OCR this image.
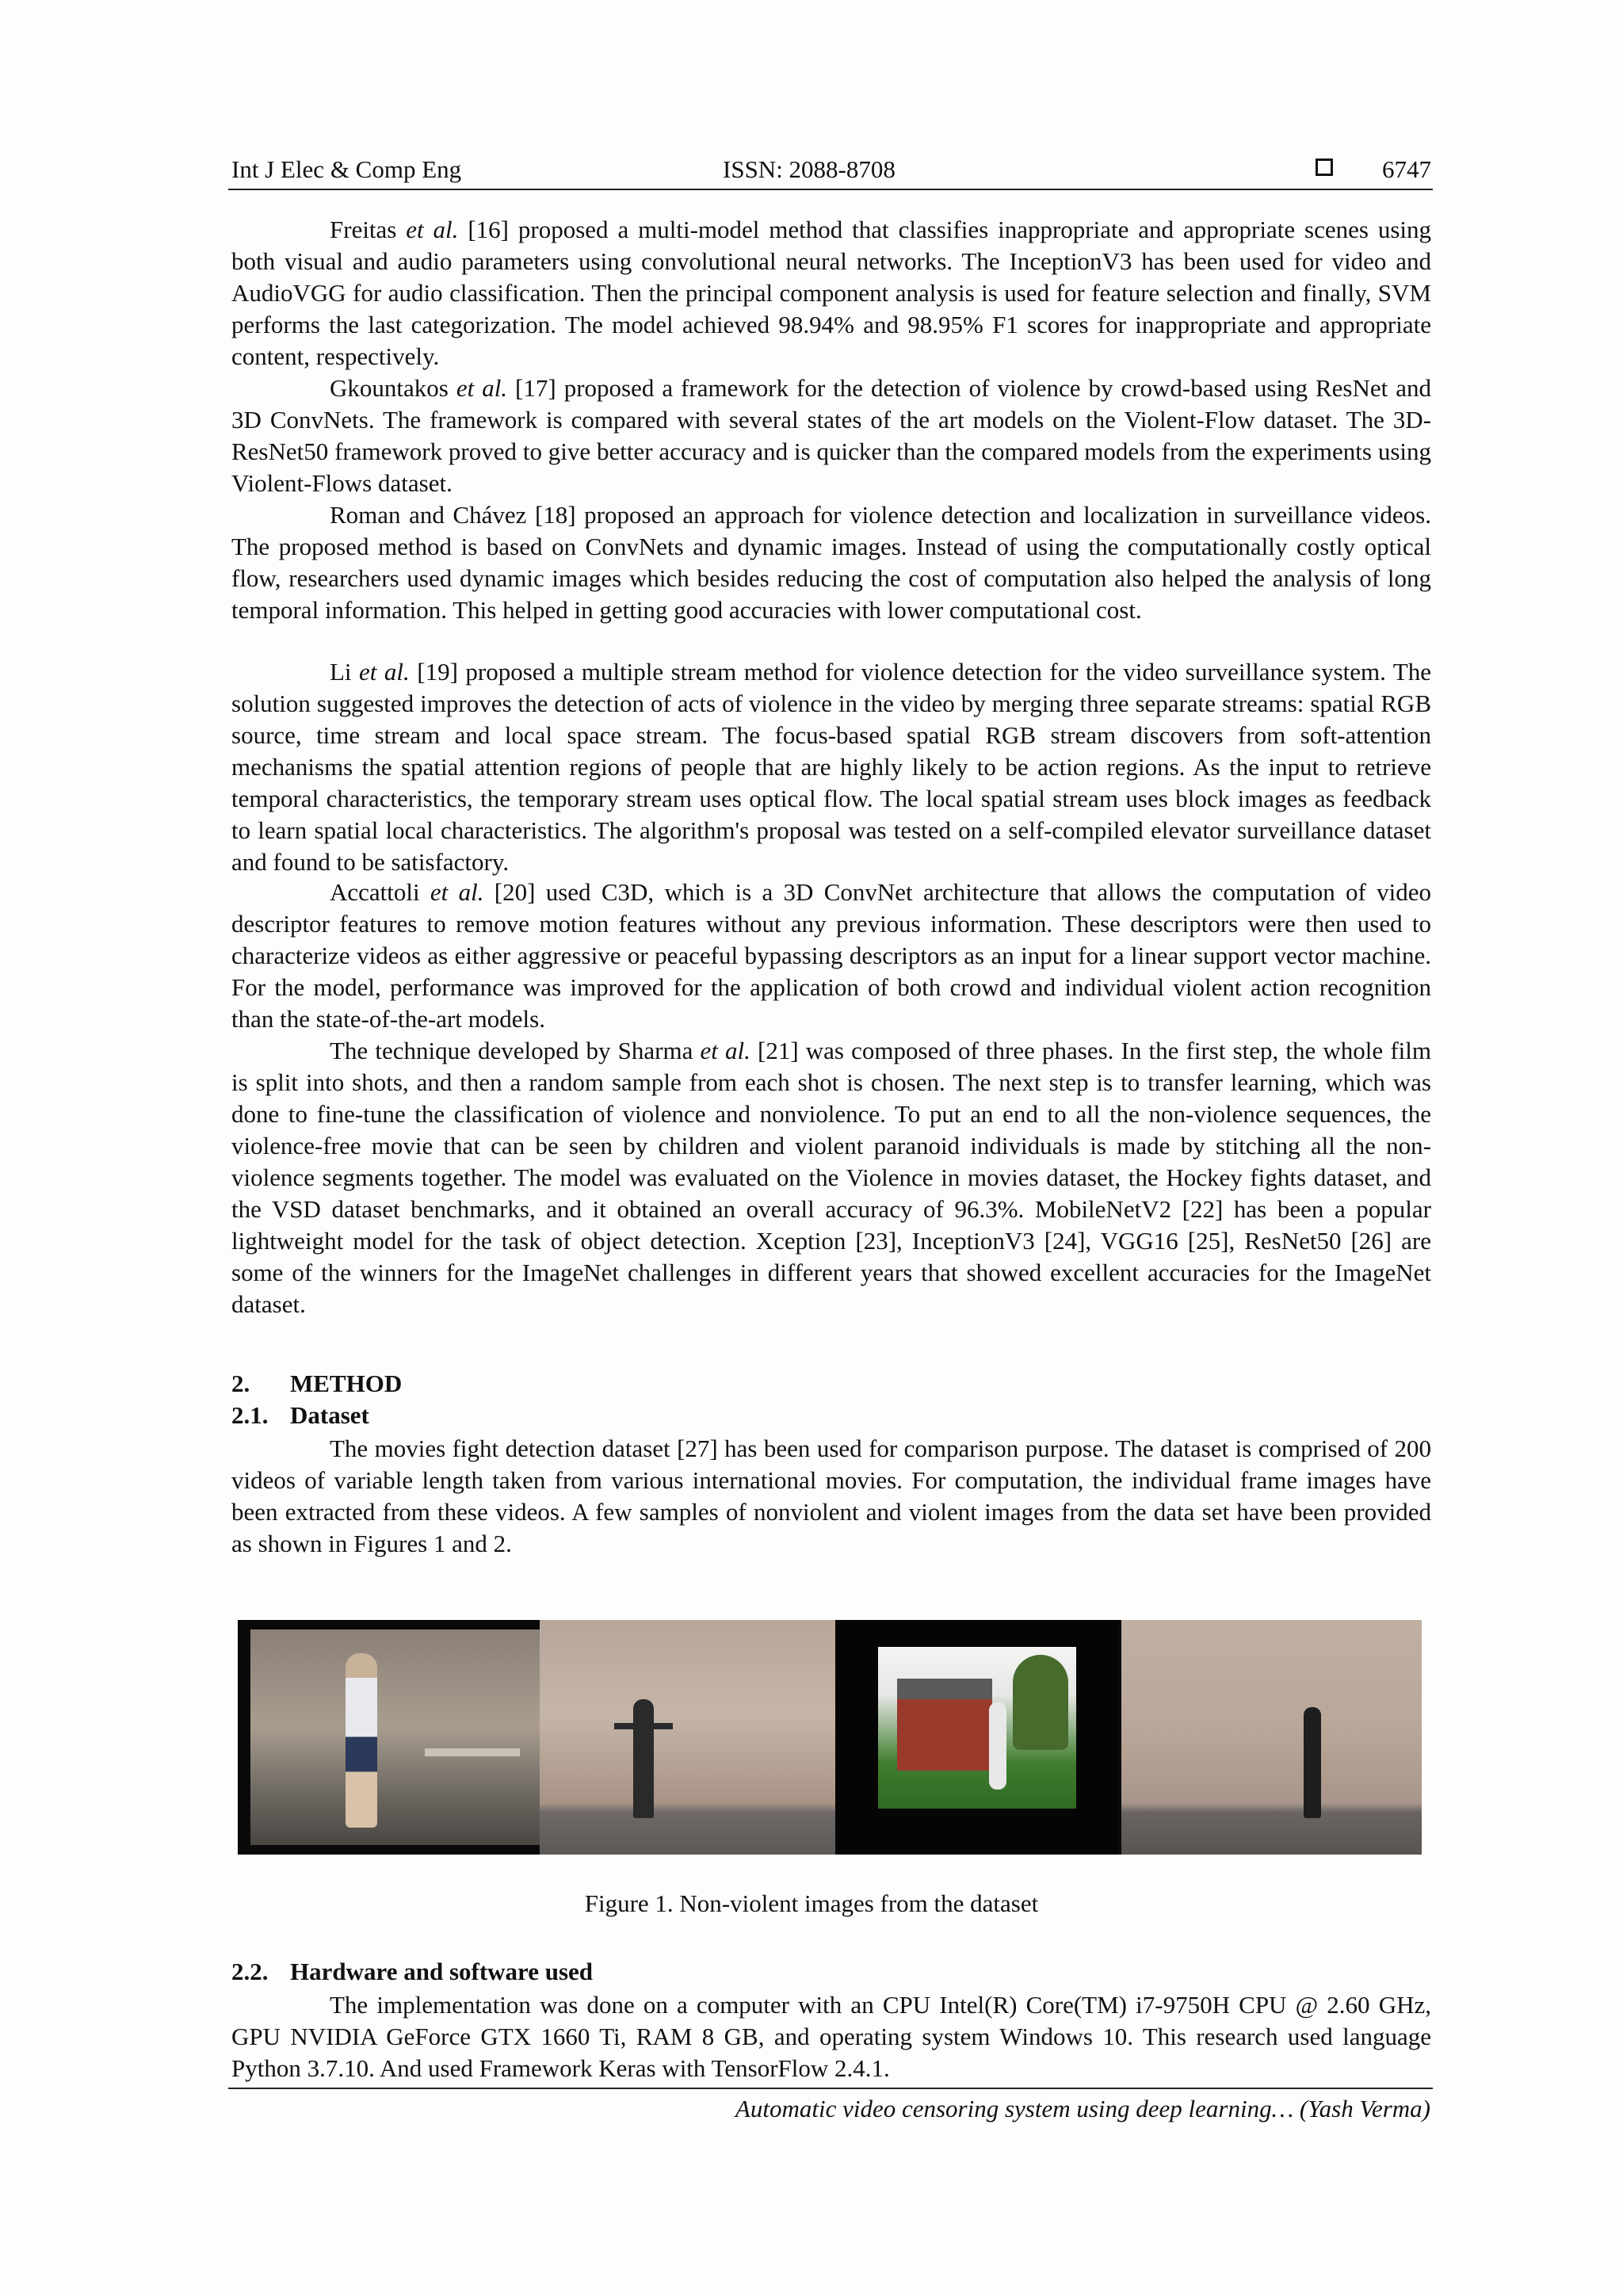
Int J Elec & Comp Eng	ISSN: 2088-8708	6747

Freitas et al. [16] proposed a multi-model method that classifies inappropriate and appropriate scenes using both visual and audio parameters using convolutional neural networks. The InceptionV3 has been used for video and AudioVGG for audio classification. Then the principal component analysis is used for feature selection and finally, SVM performs the last categorization. The model achieved 98.94% and 98.95% F1 scores for inappropriate and appropriate content, respectively.

Gkountakos et al. [17] proposed a framework for the detection of violence by crowd-based using ResNet and 3D ConvNets. The framework is compared with several states of the art models on the Violent-Flow dataset. The 3D-ResNet50 framework proved to give better accuracy and is quicker than the compared models from the experiments using Violent-Flows dataset.

Roman and Chávez [18] proposed an approach for violence detection and localization in surveillance videos. The proposed method is based on ConvNets and dynamic images. Instead of using the computationally costly optical flow, researchers used dynamic images which besides reducing the cost of computation also helped the analysis of long temporal information. This helped in getting good accuracies with lower computational cost.

Li et al. [19] proposed a multiple stream method for violence detection for the video surveillance system. The solution suggested improves the detection of acts of violence in the video by merging three separate streams: spatial RGB source, time stream and local space stream. The focus-based spatial RGB stream discovers from soft-attention mechanisms the spatial attention regions of people that are highly likely to be action regions. As the input to retrieve temporal characteristics, the temporary stream uses optical flow. The local spatial stream uses block images as feedback to learn spatial local characteristics. The algorithm's proposal was tested on a self-compiled elevator surveillance dataset and found to be satisfactory.

Accattoli et al. [20] used C3D, which is a 3D ConvNet architecture that allows the computation of video descriptor features to remove motion features without any previous information. These descriptors were then used to characterize videos as either aggressive or peaceful bypassing descriptors as an input for a linear support vector machine. For the model, performance was improved for the application of both crowd and individual violent action recognition than the state-of-the-art models.

The technique developed by Sharma et al. [21] was composed of three phases. In the first step, the whole film is split into shots, and then a random sample from each shot is chosen. The next step is to transfer learning, which was done to fine-tune the classification of violence and nonviolence. To put an end to all the non-violence sequences, the violence-free movie that can be seen by children and violent paranoid individuals is made by stitching all the non-violence segments together. The model was evaluated on the Violence in movies dataset, the Hockey fights dataset, and the VSD dataset benchmarks, and it obtained an overall accuracy of 96.3%. MobileNetV2 [22] has been a popular lightweight model for the task of object detection. Xception [23], InceptionV3 [24], VGG16 [25], ResNet50 [26] are some of the winners for the ImageNet challenges in different years that showed excellent accuracies for the ImageNet dataset.

2. METHOD
2.1. Dataset

The movies fight detection dataset [27] has been used for comparison purpose. The dataset is comprised of 200 videos of variable length taken from various international movies. For computation, the individual frame images have been extracted from these videos. A few samples of nonviolent and violent images from the data set have been provided as shown in Figures 1 and 2.

Figure 1. Non-violent images from the dataset
2.2. Hardware and software used

The implementation was done on a computer with an CPU Intel(R) Core(TM) i7-9750H CPU @ 2.60 GHz, GPU NVIDIA GeForce GTX 1660 Ti, RAM 8 GB, and operating system Windows 10. This research used language Python 3.7.10. And used Framework Keras with TensorFlow 2.4.1.

Automatic video censoring system using deep learning… (Yash Verma)
